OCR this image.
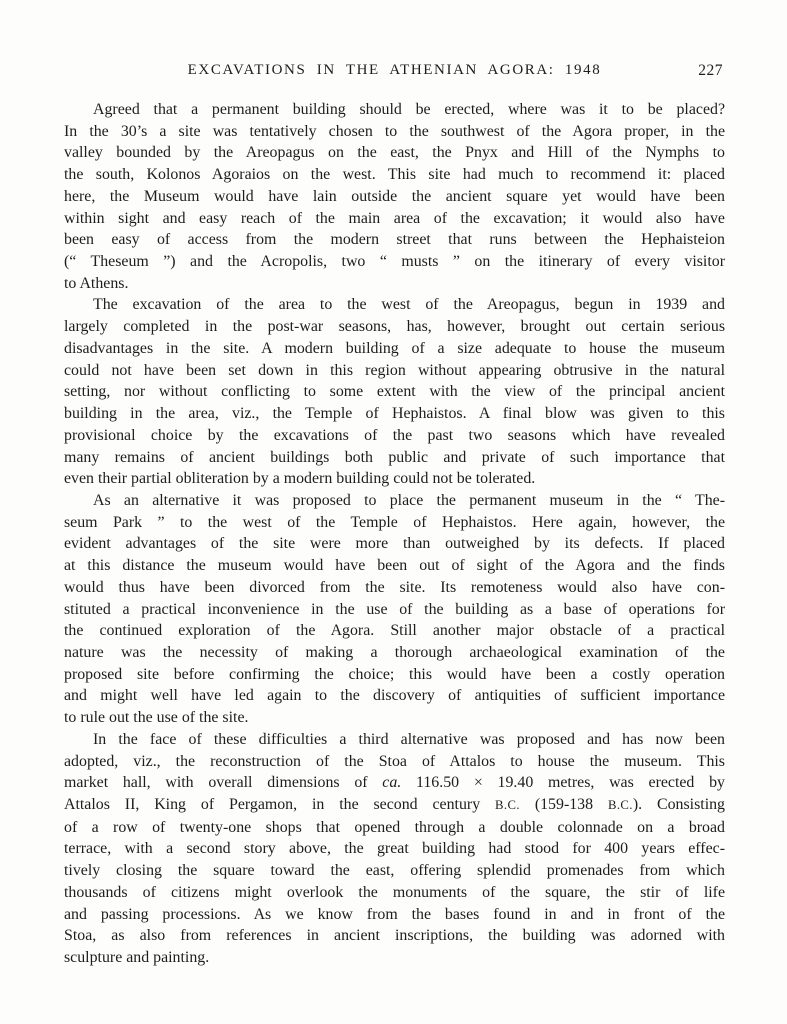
EXCAVATIONS IN THE ATHENIAN AGORA: 1948	227
Agreed that a permanent building should be erected, where was it to be placed?
In the 30’s a site was tentatively chosen to the southwest of the Agora proper, in the
valley bounded by the Areopagus on the east, the Pnyx and Hill of the Nymphs to
the south, Kolonos Agoraios on the west. This site had much to recommend it: placed
here, the Museum would have lain outside the ancient square yet would have been
within sight and easy reach of the main area of the excavation; it would also have
been easy of access from the modern street that runs between the Hephaisteion
(“ Theseum ”) and the Acropolis, two “ musts ” on the itinerary of every visitor
to Athens.
The excavation of the area to the west of the Areopagus, begun in 1939 and
largely completed in the post-war seasons, has, however, brought out certain serious
disadvantages in the site. A modern building of a size adequate to house the museum
could not have been set down in this region without appearing obtrusive in the natural
setting, nor without conflicting to some extent with the view of the principal ancient
building in the area, viz., the Temple of Hephaistos. A final blow was given to this
provisional choice by the excavations of the past two seasons which have revealed
many remains of ancient buildings both public and private of such importance that
even their partial obliteration by a modern building could not be tolerated.
As an alternative it was proposed to place the permanent museum in the “ The-
seum Park ” to the west of the Temple of Hephaistos. Here again, however, the
evident advantages of the site were more than outweighed by its defects. If placed
at this distance the museum would have been out of sight of the Agora and the finds
would thus have been divorced from the site. Its remoteness would also have con-
stituted a practical inconvenience in the use of the building as a base of operations for
the continued exploration of the Agora. Still another major obstacle of a practical
nature was the necessity of making a thorough archaeological examination of the
proposed site before confirming the choice; this would have been a costly operation
and might well have led again to the discovery of antiquities of sufficient importance
to rule out the use of the site.
In the face of these difficulties a third alternative was proposed and has now been
adopted, viz., the reconstruction of the Stoa of Attalos to house the museum. This
market hall, with overall dimensions of ca. 116.50 × 19.40 metres, was erected by
Attalos II, King of Pergamon, in the second century B.C. (159-138 B.C.). Consisting
of a row of twenty-one shops that opened through a double colonnade on a broad
terrace, with a second story above, the great building had stood for 400 years effec-
tively closing the square toward the east, offering splendid promenades from which
thousands of citizens might overlook the monuments of the square, the stir of life
and passing processions. As we know from the bases found in and in front of the
Stoa, as also from references in ancient inscriptions, the building was adorned with
sculpture and painting.
